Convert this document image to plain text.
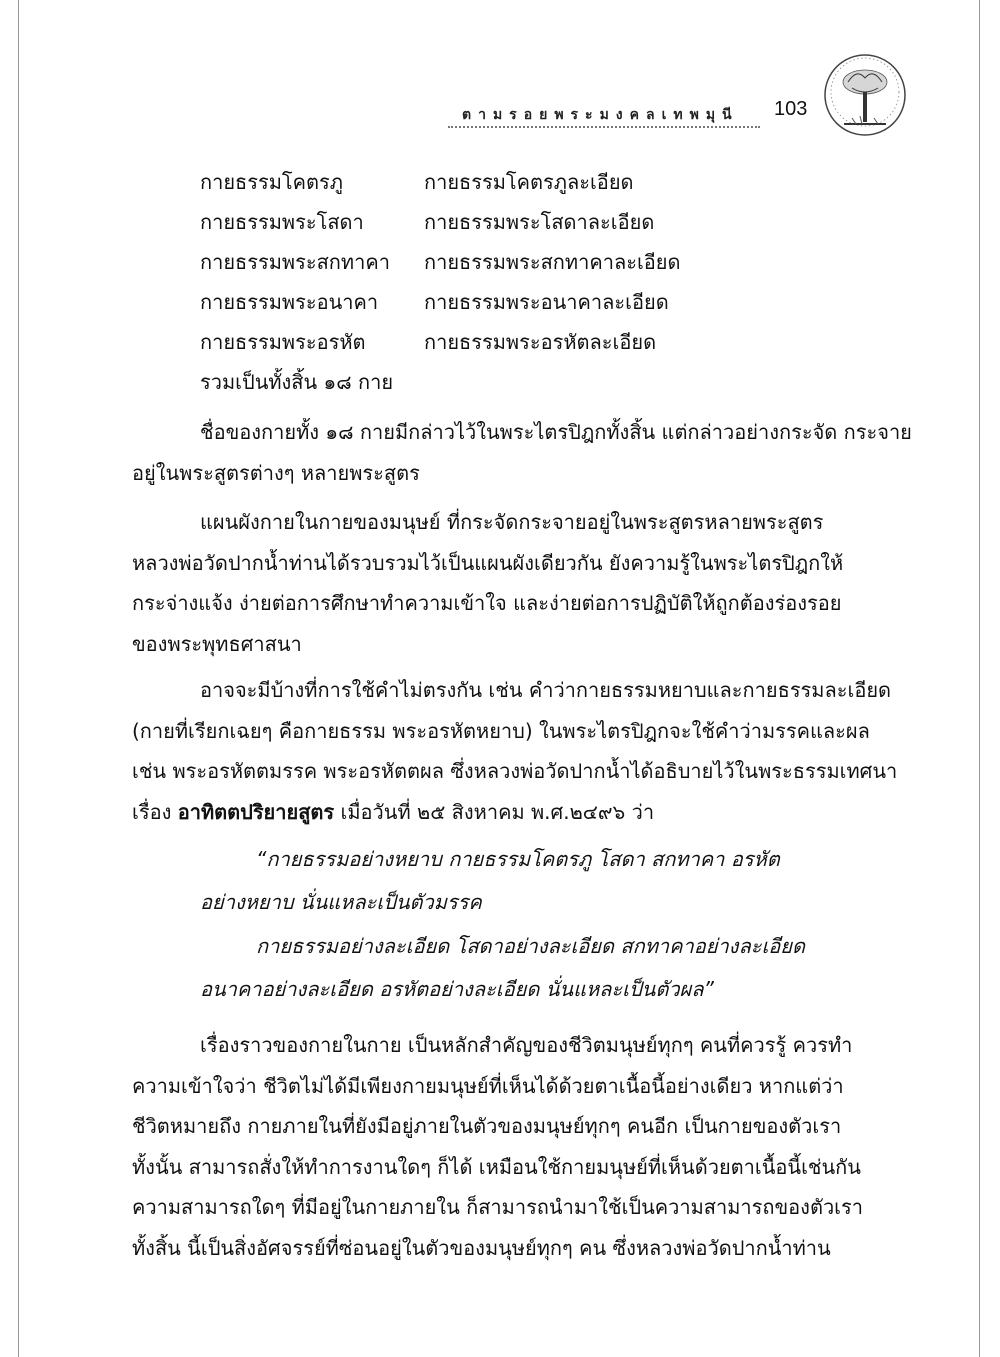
ตามรอยพระมงคลเทพมุนี 103
กายธรรมโคตรภู	กายธรรมโคตรภูละเอียด
กายธรรมพระโสดา	กายธรรมพระโสดาละเอียด
กายธรรมพระสกทาคา	กายธรรมพระสกทาคาละเอียด
กายธรรมพระอนาคา	กายธรรมพระอนาคาละเอียด
กายธรรมพระอรหัต	กายธรรมพระอรหัตละเอียด
รวมเป็นทั้งสิ้น ๑๘ กาย
ชื่อของกายทั้ง ๑๘ กายมีกล่าวไว้ในพระไตรปิฎกทั้งสิ้น แต่กล่าวอย่างกระจัด กระจาย
อยู่ในพระสูตรต่างๆ หลายพระสูตร
แผนผังกายในกายของมนุษย์ ที่กระจัดกระจายอยู่ในพระสูตรหลายพระสูตร
หลวงพ่อวัดปากน้ำท่านได้รวบรวมไว้เป็นแผนผังเดียวกัน ยังความรู้ในพระไตรปิฎกให้
กระจ่างแจ้ง ง่ายต่อการศึกษาทำความเข้าใจ และง่ายต่อการปฏิบัติให้ถูกต้องร่องรอย
ของพระพุทธศาสนา
อาจจะมีบ้างที่การใช้คำไม่ตรงกัน เช่น คำว่ากายธรรมหยาบและกายธรรมละเอียด
(กายที่เรียกเฉยๆ คือกายธรรม พระอรหัตหยาบ) ในพระไตรปิฎกจะใช้คำว่ามรรคและผล
เช่น พระอรหัตตมรรค พระอรหัตตผล ซึ่งหลวงพ่อวัดปากน้ำได้อธิบายไว้ในพระธรรมเทศนา
เรื่อง อาทิตตปริยายสูตร เมื่อวันที่ ๒๕ สิงหาคม พ.ศ.๒๔๙๖ ว่า
“กายธรรมอย่างหยาบ กายธรรมโคตรภู โสดา สกทาคา อรหัต
อย่างหยาบ นั่นแหละเป็นตัวมรรค
กายธรรมอย่างละเอียด โสดาอย่างละเอียด สกทาคาอย่างละเอียด
อนาคาอย่างละเอียด อรหัตอย่างละเอียด นั่นแหละเป็นตัวผล”
เรื่องราวของกายในกาย เป็นหลักสำคัญของชีวิตมนุษย์ทุกๆ คนที่ควรรู้ ควรทำ
ความเข้าใจว่า ชีวิตไม่ได้มีเพียงกายมนุษย์ที่เห็นได้ด้วยตาเนื้อนี้อย่างเดียว หากแต่ว่า
ชีวิตหมายถึง กายภายในที่ยังมีอยู่ภายในตัวของมนุษย์ทุกๆ คนอีก เป็นกายของตัวเรา
ทั้งนั้น สามารถสั่งให้ทำการงานใดๆ ก็ได้ เหมือนใช้กายมนุษย์ที่เห็นด้วยตาเนื้อนี้เช่นกัน
ความสามารถใดๆ ที่มีอยู่ในกายภายใน ก็สามารถนำมาใช้เป็นความสามารถของตัวเรา
ทั้งสิ้น นี้เป็นสิ่งอัศจรรย์ที่ซ่อนอยู่ในตัวของมนุษย์ทุกๆ คน ซึ่งหลวงพ่อวัดปากน้ำท่าน
